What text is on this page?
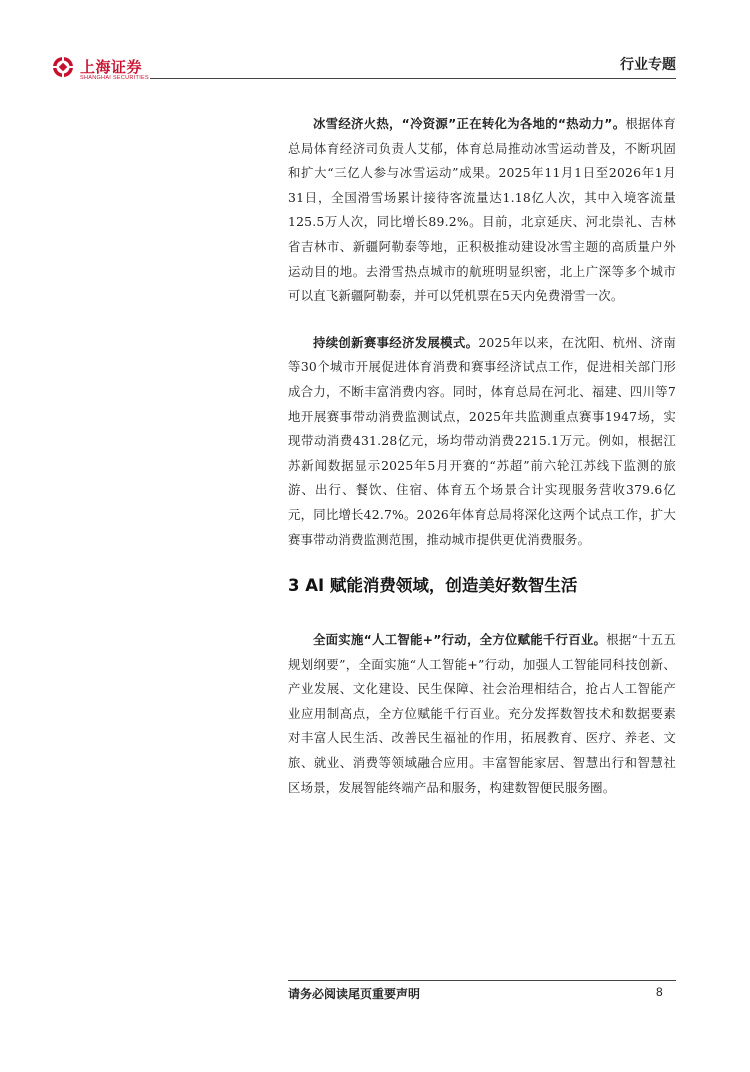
上海证券
SHANGHAI SECURITIES
行业专题

冰雪经济火热，“冷资源”正在转化为各地的“热动力”。根据体育总局体育经济司负责人艾郁，体育总局推动冰雪运动普及，不断巩固和扩大“三亿人参与冰雪运动”成果。2025年11月1日至2026年1月31日，全国滑雪场累计接待客流量达1.18亿人次，其中入境客流量125.5万人次，同比增长89.2%。目前，北京延庆、河北崇礼、吉林省吉林市、新疆阿勒泰等地，正积极推动建设冰雪主题的高质量户外运动目的地。去滑雪热点城市的航班明显织密，北上广深等多个城市可以直飞新疆阿勒泰，并可以凭机票在5天内免费滑雪一次。

持续创新赛事经济发展模式。2025年以来，在沈阳、杭州、济南等30个城市开展促进体育消费和赛事经济试点工作，促进相关部门形成合力，不断丰富消费内容。同时，体育总局在河北、福建、四川等7地开展赛事带动消费监测试点，2025年共监测重点赛事1947场，实现带动消费431.28亿元，场均带动消费2215.1万元。例如，根据江苏新闻数据显示2025年5月开赛的“苏超”前六轮江苏线下监测的旅游、出行、餐饮、住宿、体育五个场景合计实现服务营收379.6亿元，同比增长42.7%。2026年体育总局将深化这两个试点工作，扩大赛事带动消费监测范围，推动城市提供更优消费服务。

3 AI 赋能消费领域，创造美好数智生活

全面实施“人工智能+”行动，全方位赋能千行百业。根据“十五五规划纲要”，全面实施“人工智能+”行动，加强人工智能同科技创新、产业发展、文化建设、民生保障、社会治理相结合，抢占人工智能产业应用制高点，全方位赋能千行百业。充分发挥数智技术和数据要素对丰富人民生活、改善民生福祉的作用，拓展教育、医疗、养老、文旅、就业、消费等领域融合应用。丰富智能家居、智慧出行和智慧社区场景，发展智能终端产品和服务，构建数智便民服务圈。

请务必阅读尾页重要声明	8
